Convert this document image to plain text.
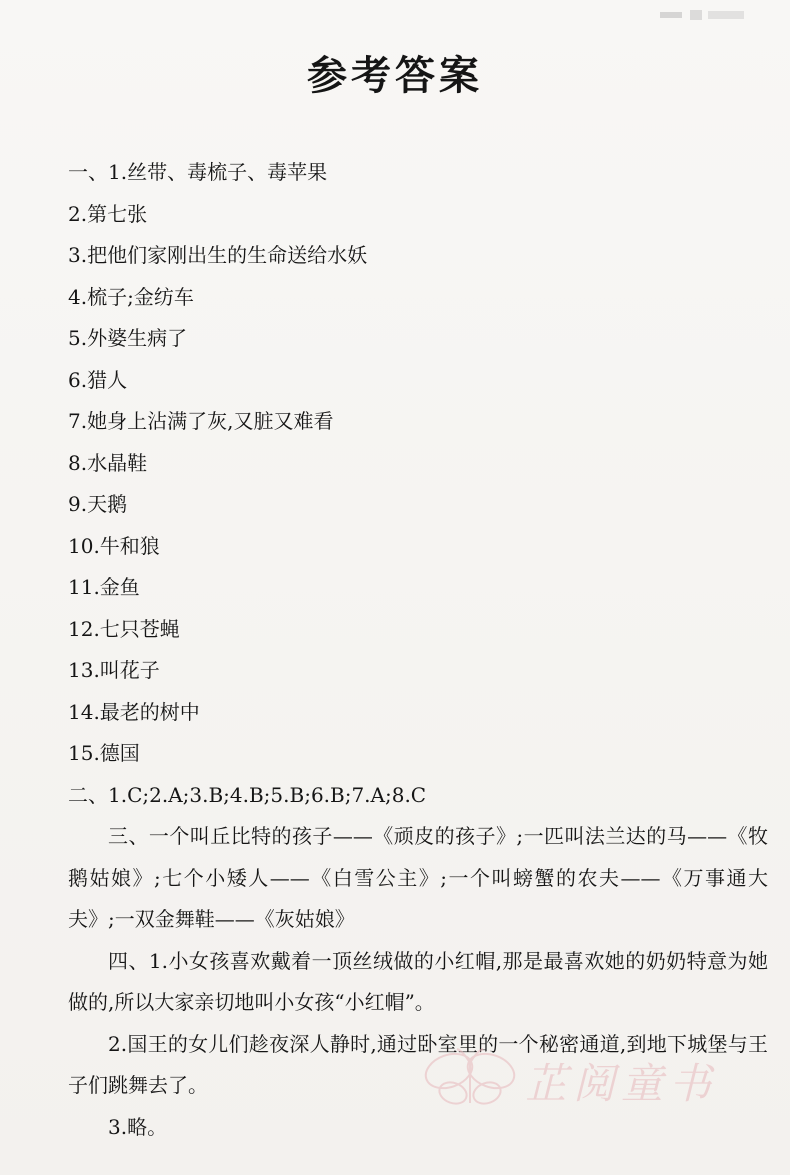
参考答案
一、1.丝带、毒梳子、毒苹果
2.第七张
3.把他们家刚出生的生命送给水妖
4.梳子;金纺车
5.外婆生病了
6.猎人
7.她身上沾满了灰,又脏又难看
8.水晶鞋
9.天鹅
10.牛和狼
11.金鱼
12.七只苍蝇
13.叫花子
14.最老的树中
15.德国
二、1.C;2.A;3.B;4.B;5.B;6.B;7.A;8.C
三、一个叫丘比特的孩子——《顽皮的孩子》;一匹叫法兰达的马——《牧鹅姑娘》;七个小矮人——《白雪公主》;一个叫螃蟹的农夫——《万事通大夫》;一双金舞鞋——《灰姑娘》
四、1.小女孩喜欢戴着一顶丝绒做的小红帽,那是最喜欢她的奶奶特意为她做的,所以大家亲切地叫小女孩“小红帽”。
2.国王的女儿们趁夜深人静时,通过卧室里的一个秘密通道,到地下城堡与王子们跳舞去了。
3.略。
芷阅童书
